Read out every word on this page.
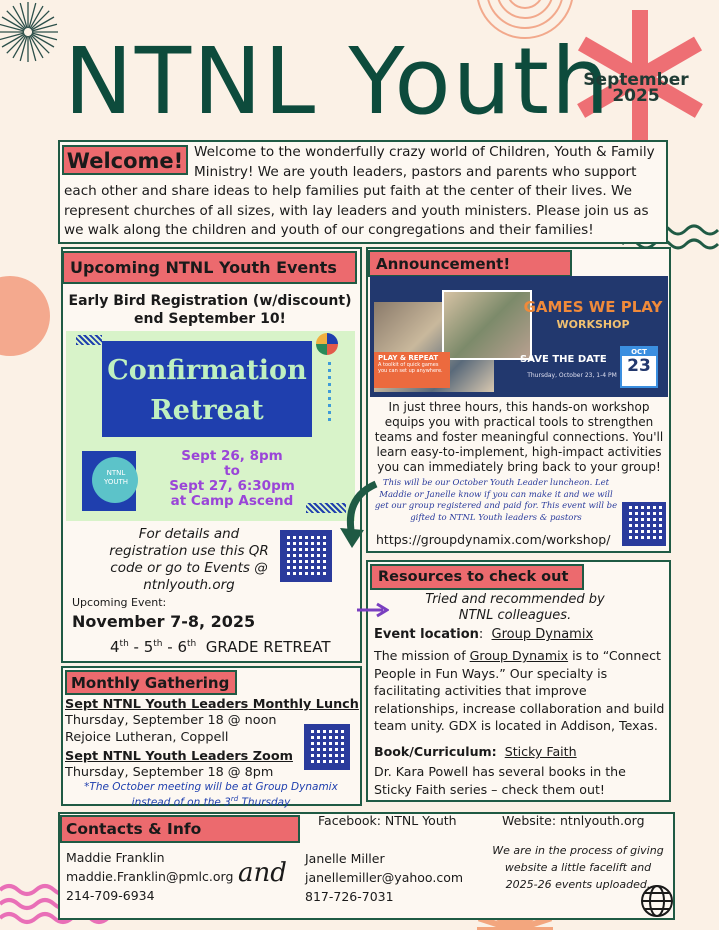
NTNL Youth
September
2025
Welcome! Welcome to the wonderfully crazy world of Children, Youth & Family Ministry! We are youth leaders, pastors and parents who support each other and share ideas to help families put faith at the center of their lives. We represent churches of all sizes, with lay leaders and youth ministers. Please join us as we walk along the children and youth of our congregations and their families!
Upcoming NTNL Youth Events
Early Bird Registration (w/discount) end September 10!
Confirmation
Retreat
NTNL
YOUTH
Sept 26, 8pm
to
Sept 27, 6:30pm
at Camp Ascend
For details and registration use this QR code or go to Events @ ntnlyouth.org
Upcoming Event:
November 7-8, 2025
4th - 5th - 6th GRADE RETREAT
Announcement!
PLAY & REPEAT
A toolkit of quick games you can set up anywhere.
GAMES WE PLAY
WORKSHOP
SAVE THE DATE
Thursday, October 23, 1-4 PM
OCT
23
In just three hours, this hands-on workshop equips you with practical tools to strengthen teams and foster meaningful connections. You'll learn easy-to-implement, high-impact activities you can immediately bring back to your group!
This will be our October Youth Leader luncheon. Let Maddie or Janelle know if you can make it and we will get our group registered and paid for. This event will be gifted to NTNL Youth leaders & pastors
https://groupdynamix.com/workshop/
Resources to check out
Tried and recommended by NTNL colleagues.
Event location:  Group Dynamix
The mission of Group Dynamix is to “Connect People in Fun Ways.” Our specialty is facilitating activities that improve relationships, increase collaboration and build team unity. GDX is located in Addison, Texas.
Book/Curriculum: Sticky Faith
Dr. Kara Powell has several books in the Sticky Faith series – check them out!
Monthly Gathering
Sept NTNL Youth Leaders Monthly Lunch
Thursday, September 18 @ noon
Rejoice Lutheran, Coppell
Sept NTNL Youth Leaders Zoom
Thursday, September 18 @ 8pm
*The October meeting will be at Group Dynamix
instead of on the 3rd Thursday
Contacts & Info	Facebook: NTNL Youth	Website: ntnlyouth.org
Maddie Franklin
maddie.Franklin@pmlc.org
214-709-6934
and Janelle Miller
janellemiller@yahoo.com
817-726-7031
We are in the process of giving website a little facelift and 2025-26 events uploaded.
